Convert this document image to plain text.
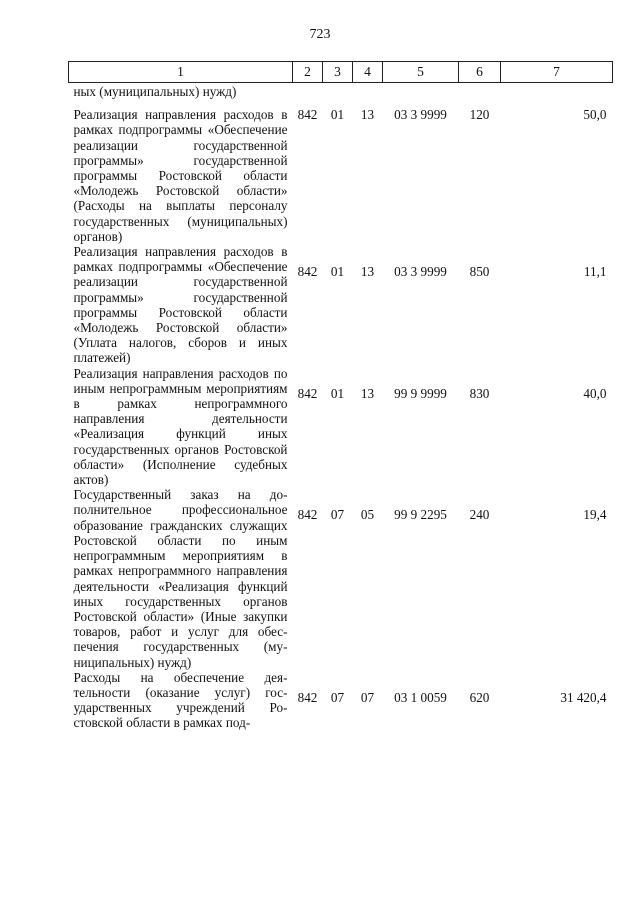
723
1	2	3	4	5	6	7
ных (муниципальных) нужд)						
Реализация направления расходов в рамках подпрограммы «Обеспечение реализации государственной программы» государственной программы Ростовской области «Молодежь Ростовской области» (Расходы на выплаты персоналу государственных (муниципальных) органов)	842	01	13	03 3 9999	120	50,0
Реализация направления расходов в рамках подпрограммы «Обеспечение реализации государственной программы» государственной программы Ростовской области «Молодежь Ростовской области» (Уплата налогов, сборов и иных платежей)	842	01	13	03 3 9999	850	11,1
Реализация направления расходов по иным непрограммным мероприятиям в рамках непрограммного направления деятельности «Реализация функций иных государственных органов Ростовской области» (Исполнение судебных актов)	842	01	13	99 9 9999	830	40,0
Государственный заказ на дополнительное профессиональное образование гражданских служащих Ростовской области по иным непрограммным мероприятиям в рамках непрограммного направления деятельности «Реализация функций иных государственных органов Ростовской области» (Иные закупки товаров, работ и услуг для обеспечения государственных (муниципальных) нужд)	842	07	05	99 9 2295	240	19,4
Расходы на обеспечение деятельности (оказание услуг) государственных учреждений Ростовской области в рамках под-	842	07	07	03 1 0059	620	31 420,4
